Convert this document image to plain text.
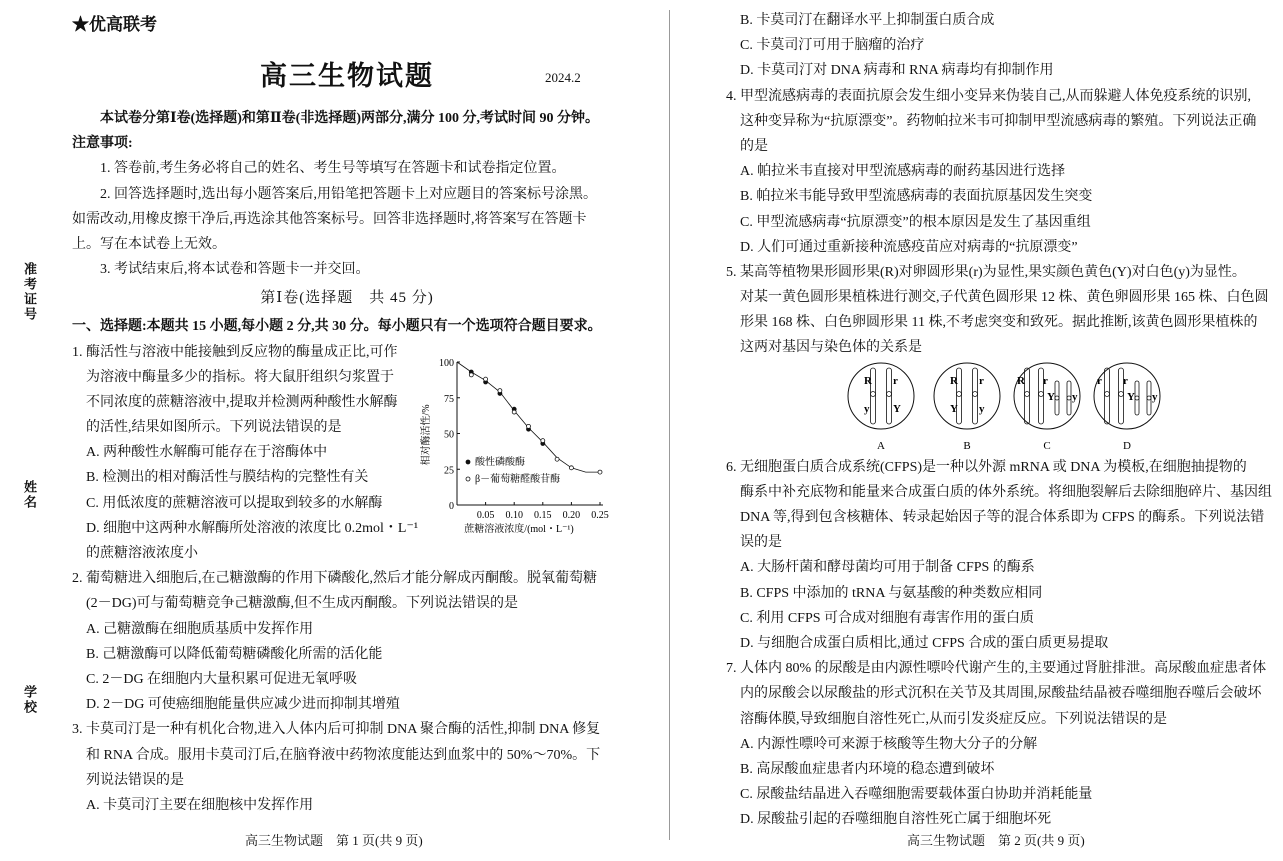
★优高联考
高三生物试题	2024.2
准考证号
姓名
学校
本试卷分第Ⅰ卷(选择题)和第Ⅱ卷(非选择题)两部分,满分 100 分,考试时间 90 分钟。
注意事项:
1. 答卷前,考生务必将自己的姓名、考生号等填写在答题卡和试卷指定位置。
2. 回答选择题时,选出每小题答案后,用铅笔把答题卡上对应题目的答案标号涂黑。
如需改动,用橡皮擦干净后,再选涂其他答案标号。回答非选择题时,将答案写在答题卡
上。写在本试卷上无效。
3. 考试结束后,将本试卷和答题卡一并交回。
第Ⅰ卷(选择题　共 45 分)
一、选择题:本题共 15 小题,每小题 2 分,共 30 分。每小题只有一个选项符合题目要求。
1. 酶活性与溶液中能接触到反应物的酶量成正比,可作
为溶液中酶量多少的指标。将大鼠肝组织匀浆置于
不同浓度的蔗糖溶液中,提取并检测两种酸性水解酶
的活性,结果如图所示。下列说法错误的是
A. 两种酸性水解酶可能存在于溶酶体中
B. 检测出的相对酶活性与膜结构的完整性有关
C. 用低浓度的蔗糖溶液可以提取到较多的水解酶
D. 细胞中这两种水解酶所处溶液的浓度比 0.2mol・L⁻¹
的蔗糖溶液浓度小
2. 葡萄糖进入细胞后,在己糖激酶的作用下磷酸化,然后才能分解成丙酮酸。脱氧葡萄糖
(2－DG)可与葡萄糖竞争己糖激酶,但不生成丙酮酸。下列说法错误的是
A. 己糖激酶在细胞质基质中发挥作用
B. 己糖激酶可以降低葡萄糖磷酸化所需的活化能
C. 2－DG 在细胞内大量积累可促进无氧呼吸
D. 2－DG 可使癌细胞能量供应减少进而抑制其增殖
3. 卡莫司汀是一种有机化合物,进入人体内后可抑制 DNA 聚合酶的活性,抑制 DNA 修复
和 RNA 合成。服用卡莫司汀后,在脑脊液中药物浓度能达到血浆中的 50%～70%。下
列说法错误的是
A. 卡莫司汀主要在细胞核中发挥作用
0
25
50
75
100
0.05 0.10 0.15 0.20 0.25
蔗糖溶液浓度/(mol・L⁻¹)
相对酶活性/%	酸性磷酸酶
β－葡萄糖醛酸苷酶
B. 卡莫司汀在翻译水平上抑制蛋白质合成
C. 卡莫司汀可用于脑瘤的治疗
D. 卡莫司汀对 DNA 病毒和 RNA 病毒均有抑制作用
4. 甲型流感病毒的表面抗原会发生细小变异来伪装自己,从而躲避人体免疫系统的识别,
这种变异称为“抗原漂变”。药物帕拉米韦可抑制甲型流感病毒的繁殖。下列说法正确
的是
A. 帕拉米韦直接对甲型流感病毒的耐药基因进行选择
B. 帕拉米韦能导致甲型流感病毒的表面抗原基因发生突变
C. 甲型流感病毒“抗原漂变”的根本原因是发生了基因重组
D. 人们可通过重新接种流感疫苗应对病毒的“抗原漂变”
5. 某高等植物果形圆形果(R)对卵圆形果(r)为显性,果实颜色黄色(Y)对白色(y)为显性。
对某一黄色圆形果植株进行测交,子代黄色圆形果 12 株、黄色卵圆形果 165 株、白色圆
形果 168 株、白色卵圆形果 11 株,不考虑突变和致死。据此推断,该黄色圆形果植株的
这两对基因与染色体的关系是
R r
y Y
A
R r
Y y
B
R r
Y y
C
r r
Y y
D
6. 无细胞蛋白质合成系统(CFPS)是一种以外源 mRNA 或 DNA 为模板,在细胞抽提物的
酶系中补充底物和能量来合成蛋白质的体外系统。将细胞裂解后去除细胞碎片、基因组
DNA 等,得到包含核糖体、转录起始因子等的混合体系即为 CFPS 的酶系。下列说法错
误的是
A. 大肠杆菌和酵母菌均可用于制备 CFPS 的酶系
B. CFPS 中添加的 tRNA 与氨基酸的种类数应相同
C. 利用 CFPS 可合成对细胞有毒害作用的蛋白质
D. 与细胞合成蛋白质相比,通过 CFPS 合成的蛋白质更易提取
7. 人体内 80% 的尿酸是由内源性嘌呤代谢产生的,主要通过肾脏排泄。高尿酸血症患者体
内的尿酸会以尿酸盐的形式沉积在关节及其周围,尿酸盐结晶被吞噬细胞吞噬后会破坏
溶酶体膜,导致细胞自溶性死亡,从而引发炎症反应。下列说法错误的是
A. 内源性嘌呤可来源于核酸等生物大分子的分解
B. 高尿酸血症患者内环境的稳态遭到破坏
C. 尿酸盐结晶进入吞噬细胞需要载体蛋白协助并消耗能量
D. 尿酸盐引起的吞噬细胞自溶性死亡属于细胞坏死
高三生物试题　第 1 页(共 9 页)	高三生物试题　第 2 页(共 9 页)
